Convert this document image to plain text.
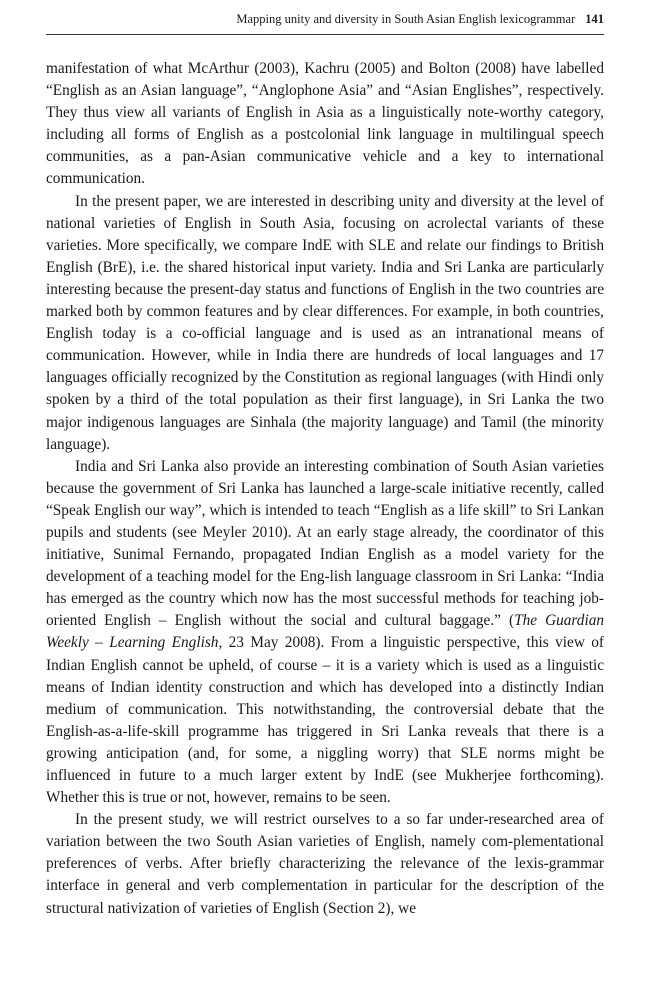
Mapping unity and diversity in South Asian English lexicogrammar 141

manifestation of what McArthur (2003), Kachru (2005) and Bolton (2008) have labelled “English as an Asian language”, “Anglophone Asia” and “Asian Englishes”, respectively. They thus view all variants of English in Asia as a linguistically note-worthy category, including all forms of English as a postcolonial link language in multilingual speech communities, as a pan-Asian communicative vehicle and a key to international communication.

In the present paper, we are interested in describing unity and diversity at the level of national varieties of English in South Asia, focusing on acrolectal variants of these varieties. More specifically, we compare IndE with SLE and relate our findings to British English (BrE), i.e. the shared historical input variety. India and Sri Lanka are particularly interesting because the present-day status and functions of English in the two countries are marked both by common features and by clear differences. For example, in both countries, English today is a co-official language and is used as an intranational means of communication. However, while in India there are hundreds of local languages and 17 languages officially recognized by the Constitution as regional languages (with Hindi only spoken by a third of the total population as their first language), in Sri Lanka the two major indigenous languages are Sinhala (the majority language) and Tamil (the minority language).

India and Sri Lanka also provide an interesting combination of South Asian varieties because the government of Sri Lanka has launched a large-scale initiative recently, called “Speak English our way”, which is intended to teach “English as a life skill” to Sri Lankan pupils and students (see Meyler 2010). At an early stage already, the coordinator of this initiative, Sunimal Fernando, propagated Indian English as a model variety for the development of a teaching model for the Eng-lish language classroom in Sri Lanka: “India has emerged as the country which now has the most successful methods for teaching job-oriented English – English without the social and cultural baggage.” (The Guardian Weekly – Learning English, 23 May 2008). From a linguistic perspective, this view of Indian English cannot be upheld, of course – it is a variety which is used as a linguistic means of Indian identity construction and which has developed into a distinctly Indian medium of communication. This notwithstanding, the controversial debate that the English-as-a-life-skill programme has triggered in Sri Lanka reveals that there is a growing anticipation (and, for some, a niggling worry) that SLE norms might be influenced in future to a much larger extent by IndE (see Mukherjee forthcoming). Whether this is true or not, however, remains to be seen.

In the present study, we will restrict ourselves to a so far under-researched area of variation between the two South Asian varieties of English, namely com-plementational preferences of verbs. After briefly characterizing the relevance of the lexis-grammar interface in general and verb complementation in particular for the description of the structural nativization of varieties of English (Section 2), we
